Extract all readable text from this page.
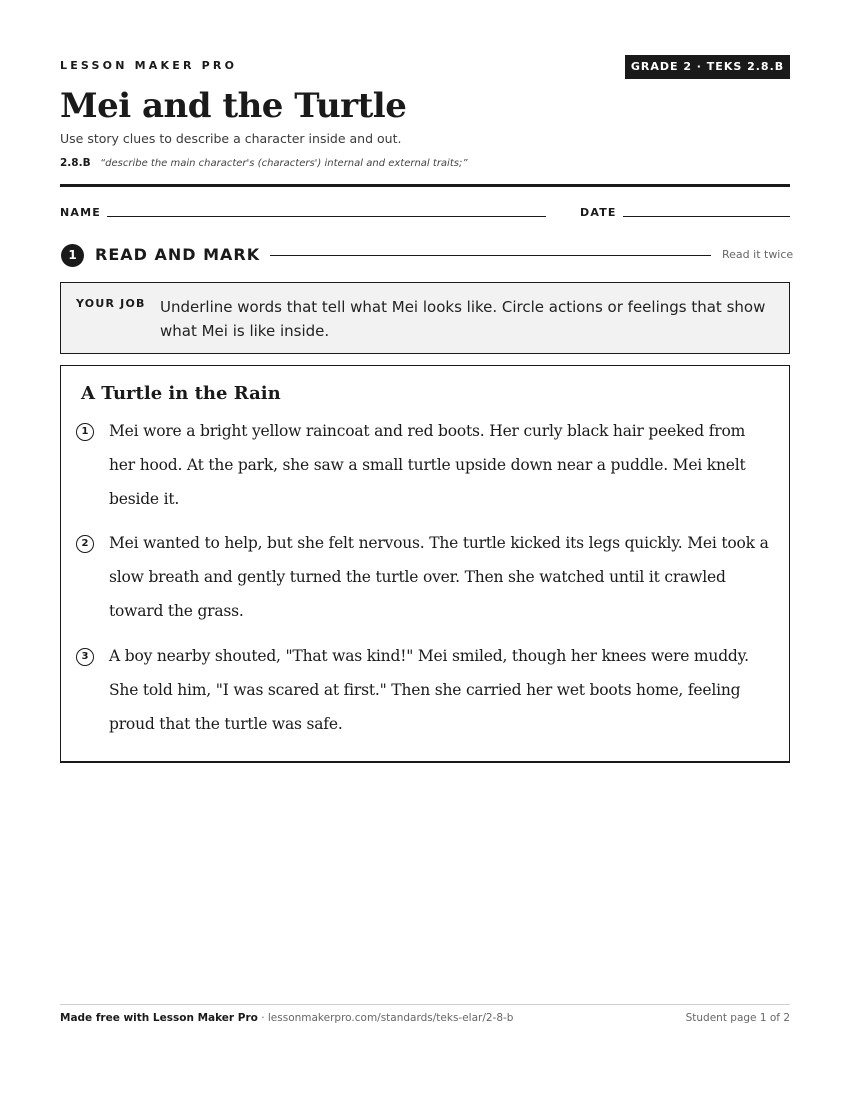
LESSON MAKER PRO	GRADE 2 · TEKS 2.8.B
Mei and the Turtle
Use story clues to describe a character inside and out.
2.8.B “describe the main character's (characters') internal and external traits;”
NAME	DATE
1	READ AND MARK	Read it twice
YOUR JOB Underline words that tell what Mei looks like. Circle actions or feelings that show what Mei is like inside.
A Turtle in the Rain
1	Mei wore a bright yellow raincoat and red boots. Her curly black hair peeked from her hood. At the park, she saw a small turtle upside down near a puddle. Mei knelt beside it.
2	Mei wanted to help, but she felt nervous. The turtle kicked its legs quickly. Mei took a slow breath and gently turned the turtle over. Then she watched until it crawled toward the grass.
3	A boy nearby shouted, "That was kind!" Mei smiled, though her knees were muddy. She told him, "I was scared at first." Then she carried her wet boots home, feeling proud that the turtle was safe.
Made free with Lesson Maker Pro · lessonmakerpro.com/standards/teks-elar/2-8-b	Student page 1 of 2
